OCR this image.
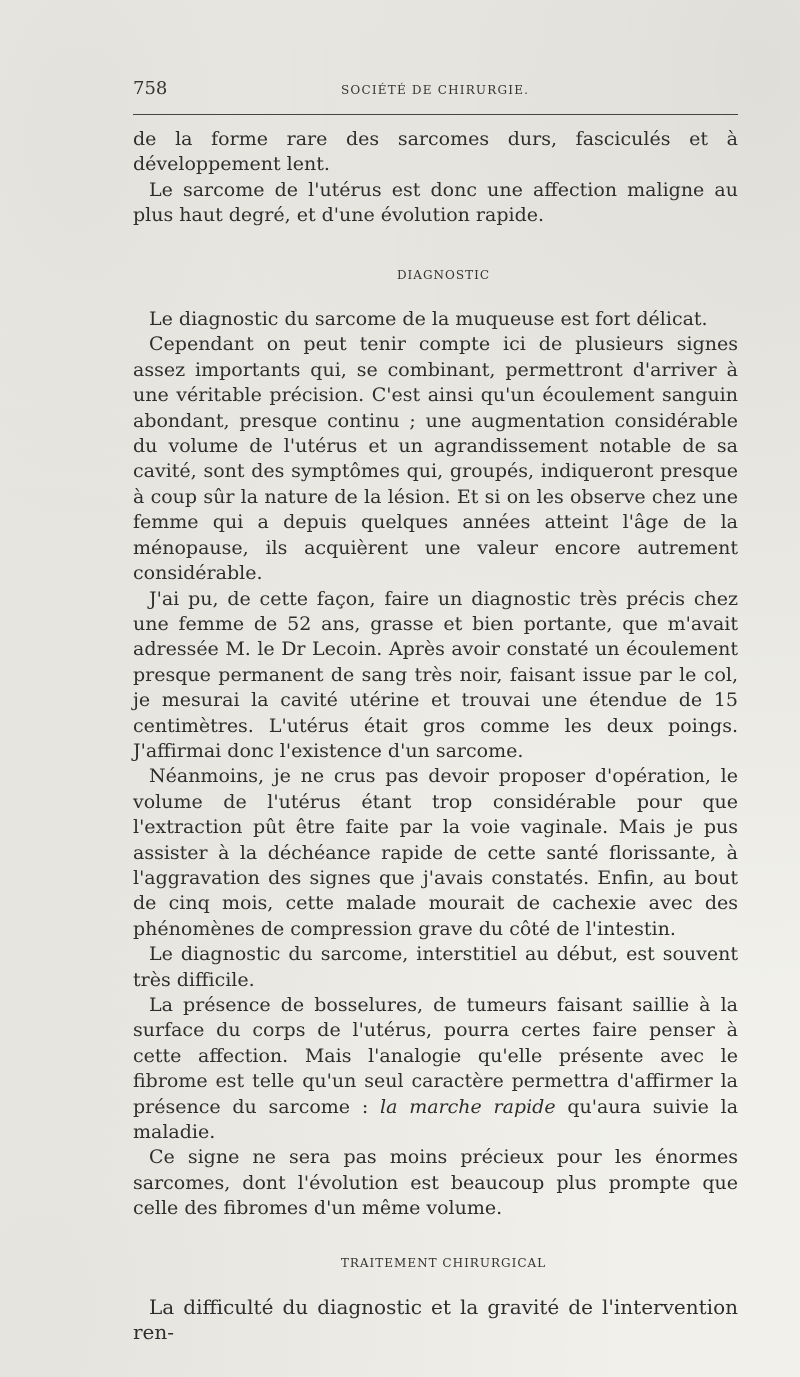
758	SOCIÉTÉ DE CHIRURGIE.

de la forme rare des sarcomes durs, fasciculés et à développement lent.

Le sarcome de l'utérus est donc une affection maligne au plus haut degré, et d'une évolution rapide.

DIAGNOSTIC

Le diagnostic du sarcome de la muqueuse est fort délicat.

Cependant on peut tenir compte ici de plusieurs signes assez importants qui, se combinant, permettront d'arriver à une véritable précision. C'est ainsi qu'un écoulement sanguin abondant, presque continu ; une augmentation considérable du volume de l'utérus et un agrandissement notable de sa cavité, sont des symptômes qui, groupés, indiqueront presque à coup sûr la nature de la lésion. Et si on les observe chez une femme qui a depuis quelques années atteint l'âge de la ménopause, ils acquièrent une valeur encore autrement considérable.

J'ai pu, de cette façon, faire un diagnostic très précis chez une femme de 52 ans, grasse et bien portante, que m'avait adressée M. le Dr Lecoin. Après avoir constaté un écoulement presque permanent de sang très noir, faisant issue par le col, je mesurai la cavité utérine et trouvai une étendue de 15 centimètres. L'utérus était gros comme les deux poings. J'affirmai donc l'existence d'un sarcome.

Néanmoins, je ne crus pas devoir proposer d'opération, le volume de l'utérus étant trop considérable pour que l'extraction pût être faite par la voie vaginale. Mais je pus assister à la déchéance rapide de cette santé florissante, à l'aggravation des signes que j'avais constatés. Enfin, au bout de cinq mois, cette malade mourait de cachexie avec des phénomènes de compression grave du côté de l'intestin.

Le diagnostic du sarcome, interstitiel au début, est souvent très difficile.

La présence de bosselures, de tumeurs faisant saillie à la surface du corps de l'utérus, pourra certes faire penser à cette affection. Mais l'analogie qu'elle présente avec le fibrome est telle qu'un seul caractère permettra d'affirmer la présence du sarcome : la marche rapide qu'aura suivie la maladie.

Ce signe ne sera pas moins précieux pour les énormes sarcomes, dont l'évolution est beaucoup plus prompte que celle des fibromes d'un même volume.

TRAITEMENT CHIRURGICAL

La difficulté du diagnostic et la gravité de l'intervention ren-
